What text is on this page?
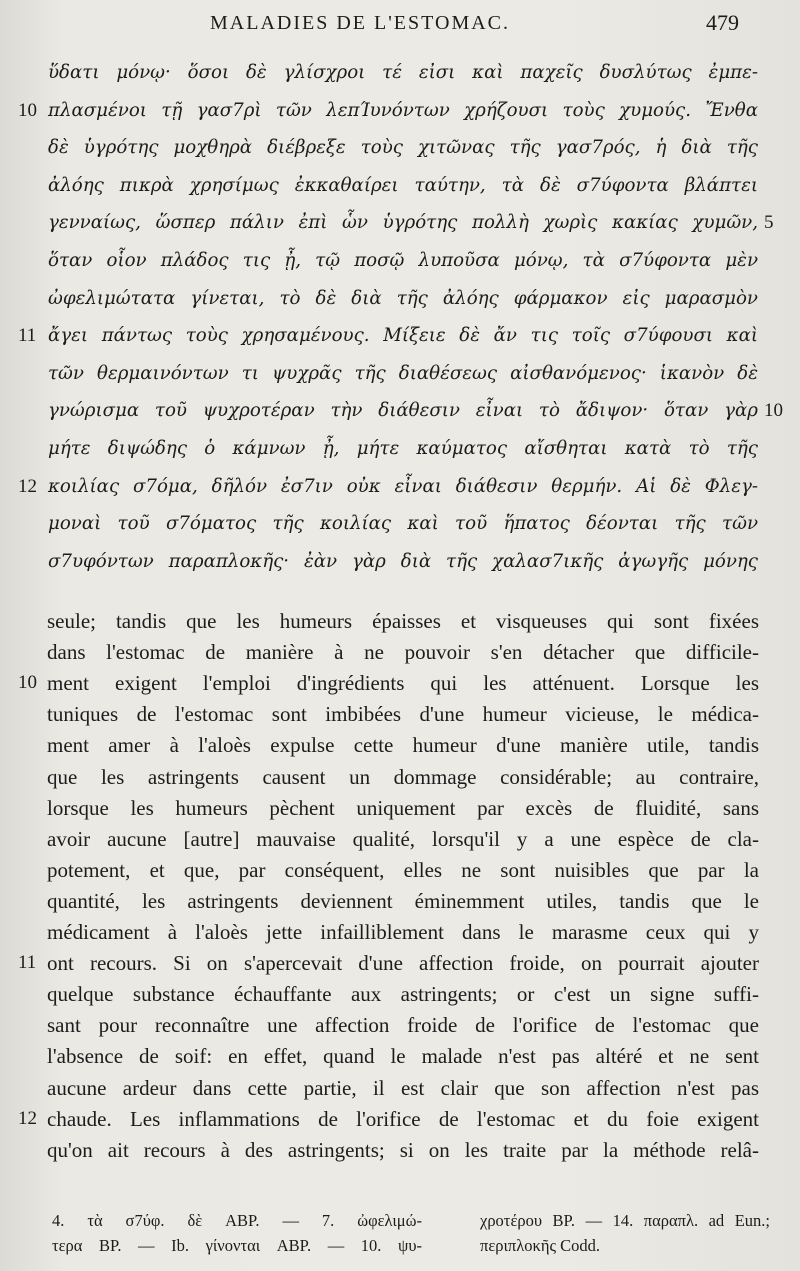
MALADIES DE L'ESTOMAC.	479
ὕδατι μόνῳ· ὅσοι δὲ γλίσχροι τέ εἰσι καὶ παχεῖς δυσλύτως ἐμπε-
πλασμένοι τῇ γασ7ρὶ τῶν λεπΊυνόντων χρήζουσι τοὺς χυμούς. Ἔνθα
δὲ ὑγρότης μοχθηρὰ διέβρεξε τοὺς χιτῶνας τῆς γασ7ρός, ἡ διὰ τῆς
ἀλόης πικρὰ χρησίμως ἐκκαθαίρει ταύτην, τὰ δὲ σ7ύφοντα βλάπτει
γενναίως, ὥσπερ πάλιν ἐπὶ ὧν ὑγρότης πολλὴ χωρὶς κακίας χυμῶν,
ὅταν οἷον πλάδος τις ᾖ, τῷ ποσῷ λυποῦσα μόνῳ, τὰ σ7ύφοντα μὲν
ὠφελιμώτατα γίνεται, τὸ δὲ διὰ τῆς ἀλόης φάρμακον εἰς μαρασμὸν
ἄγει πάντως τοὺς χρησαμένους. Μίξειε δὲ ἄν τις τοῖς σ7ύφουσι καὶ
τῶν θερμαινόντων τι ψυχρᾶς τῆς διαθέσεως αἰσθανόμενος· ἱκανὸν δὲ
γνώρισμα τοῦ ψυχροτέραν τὴν διάθεσιν εἶναι τὸ ἄδιψον· ὅταν γὰρ
μήτε διψώδης ὁ κάμνων ᾖ, μήτε καύματος αἴσθηται κατὰ τὸ τῆς
κοιλίας σ7όμα, δῆλόν ἐσ7ιν οὐκ εἶναι διάθεσιν θερμήν. Αἱ δὲ Φλεγ-
μοναὶ τοῦ σ7όματος τῆς κοιλίας καὶ τοῦ ἥπατος δέονται τῆς τῶν
σ7υφόντων παραπλοκῆς· ἐὰν γὰρ διὰ τῆς χαλασ7ικῆς ἀγωγῆς μόνης
10
11
12
5
10
seule; tandis que les humeurs épaisses et visqueuses qui sont fixées
dans l'estomac de manière à ne pouvoir s'en détacher que difficile-
ment exigent l'emploi d'ingrédients qui les atténuent. Lorsque les
tuniques de l'estomac sont imbibées d'une humeur vicieuse, le médica-
ment amer à l'aloès expulse cette humeur d'une manière utile, tandis
que les astringents causent un dommage considérable; au contraire,
lorsque les humeurs pèchent uniquement par excès de fluidité, sans
avoir aucune [autre] mauvaise qualité, lorsqu'il y a une espèce de cla-
potement, et que, par conséquent, elles ne sont nuisibles que par la
quantité, les astringents deviennent éminemment utiles, tandis que le
médicament à l'aloès jette infailliblement dans le marasme ceux qui y
ont recours. Si on s'apercevait d'une affection froide, on pourrait ajouter
quelque substance échauffante aux astringents; or c'est un signe suffi-
sant pour reconnaître une affection froide de l'orifice de l'estomac que
l'absence de soif: en effet, quand le malade n'est pas altéré et ne sent
aucune ardeur dans cette partie, il est clair que son affection n'est pas
chaude. Les inflammations de l'orifice de l'estomac et du foie exigent
qu'on ait recours à des astringents; si on les traite par la méthode relâ-
10
11
12
4. τὰ σ7ύφ. δὲ ABP. — 7. ὠφελιμώ-
τερα BP. — Ib. γίνονται ABP. — 10. ψυ-
χροτέρου BP. — 14. παραπλ. ad Eun.;
περιπλοκῆς Codd.
